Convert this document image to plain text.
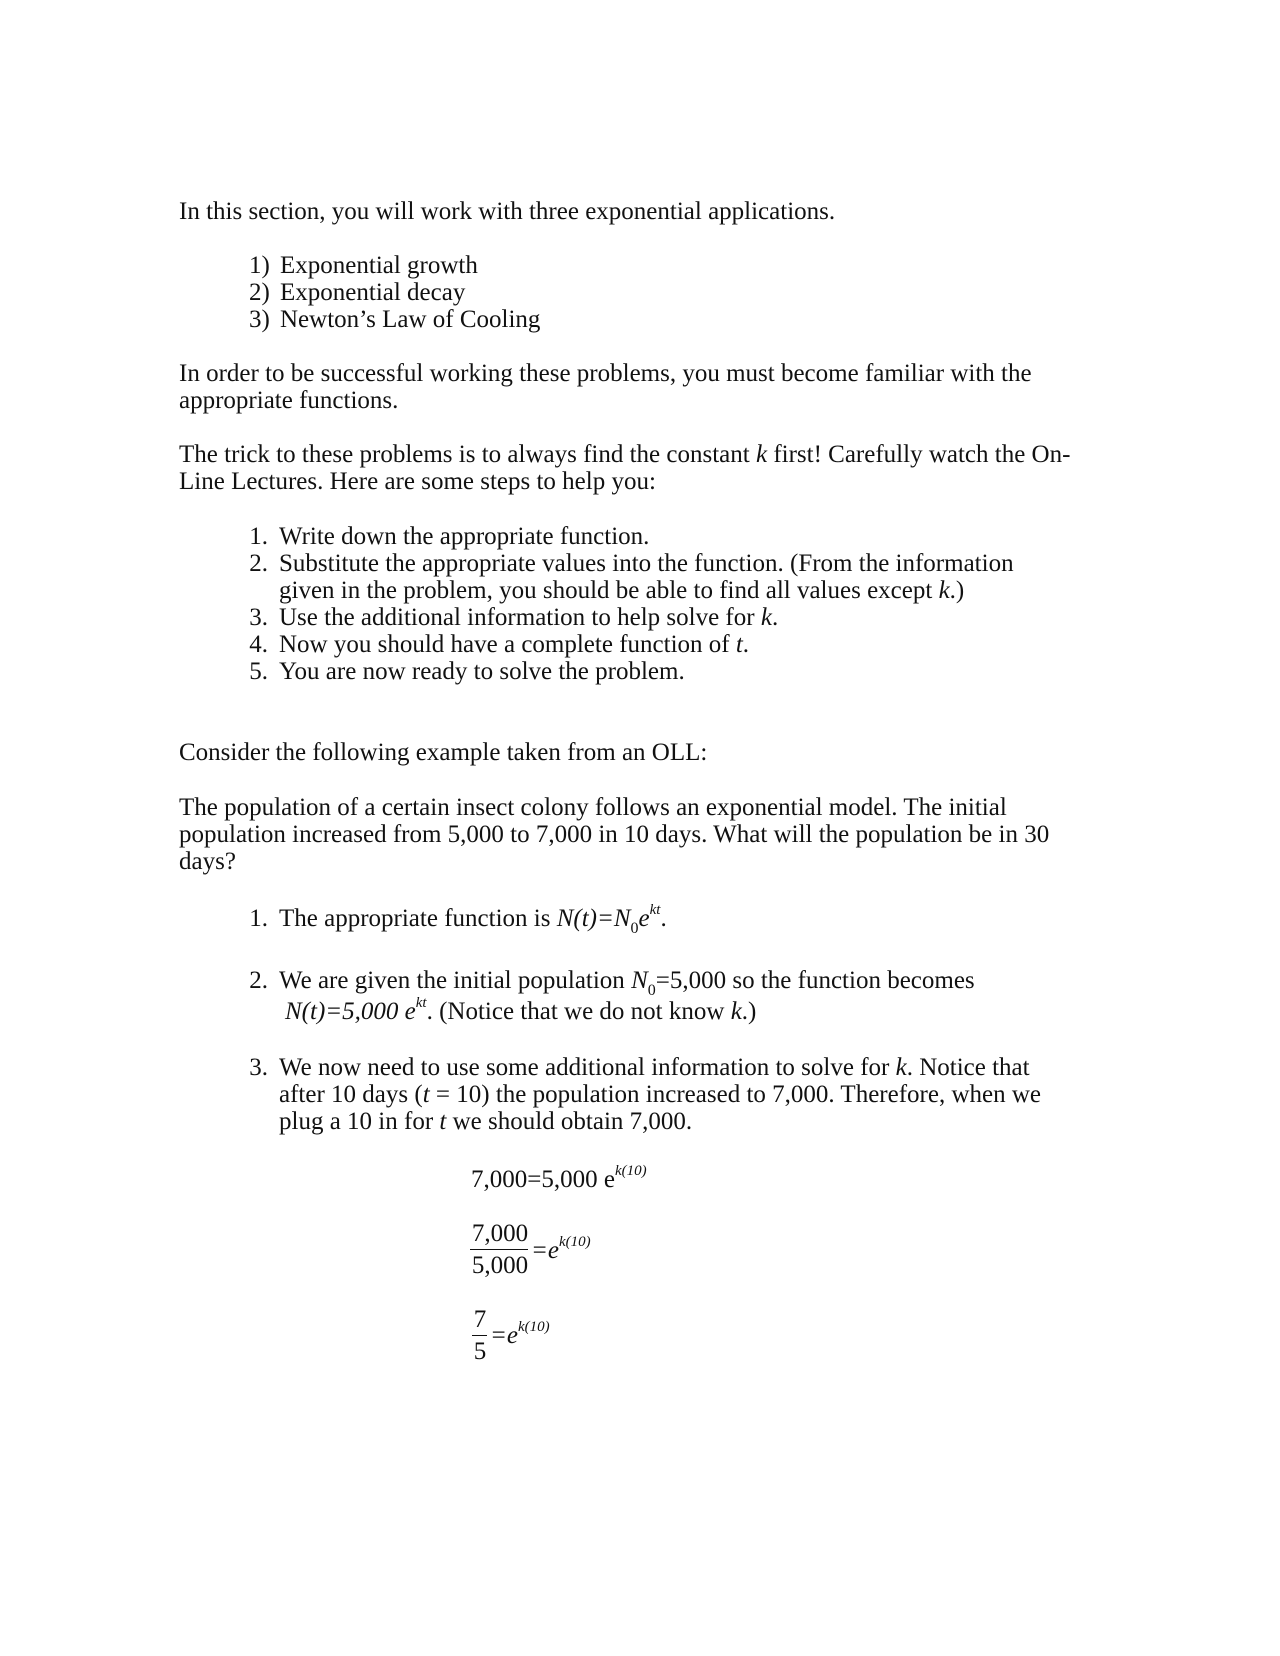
In this section, you will work with three exponential applications.
1) Exponential growth
2) Exponential decay
3) Newton’s Law of Cooling
In order to be successful working these problems, you must become familiar with the
appropriate functions.
The trick to these problems is to always find the constant k first! Carefully watch the On-
Line Lectures. Here are some steps to help you:
1. Write down the appropriate function.
2. Substitute the appropriate values into the function. (From the information
given in the problem, you should be able to find all values except k.)
3. Use the additional information to help solve for k.
4. Now you should have a complete function of t.
5. You are now ready to solve the problem.
Consider the following example taken from an OLL:
The population of a certain insect colony follows an exponential model. The initial
population increased from 5,000 to 7,000 in 10 days. What will the population be in 30
days?
1. The appropriate function is $N(t)=N_0e^{kt}$.
2. We are given the initial population $N_0=5,000$ so the function becomes
N(t)=5,000 $e^{kt}$. (Notice that we do not know k.)
3. We now need to use some additional information to solve for k. Notice that
after 10 days (t = 10) the population increased to 7,000. Therefore, when we
plug a 10 in for t we should obtain 7,000.
7,000=5,000 $e^{k(10)}$
7,000
5,000
$=e^{k(10)}$
7
5
$=e^{k(10)}$
